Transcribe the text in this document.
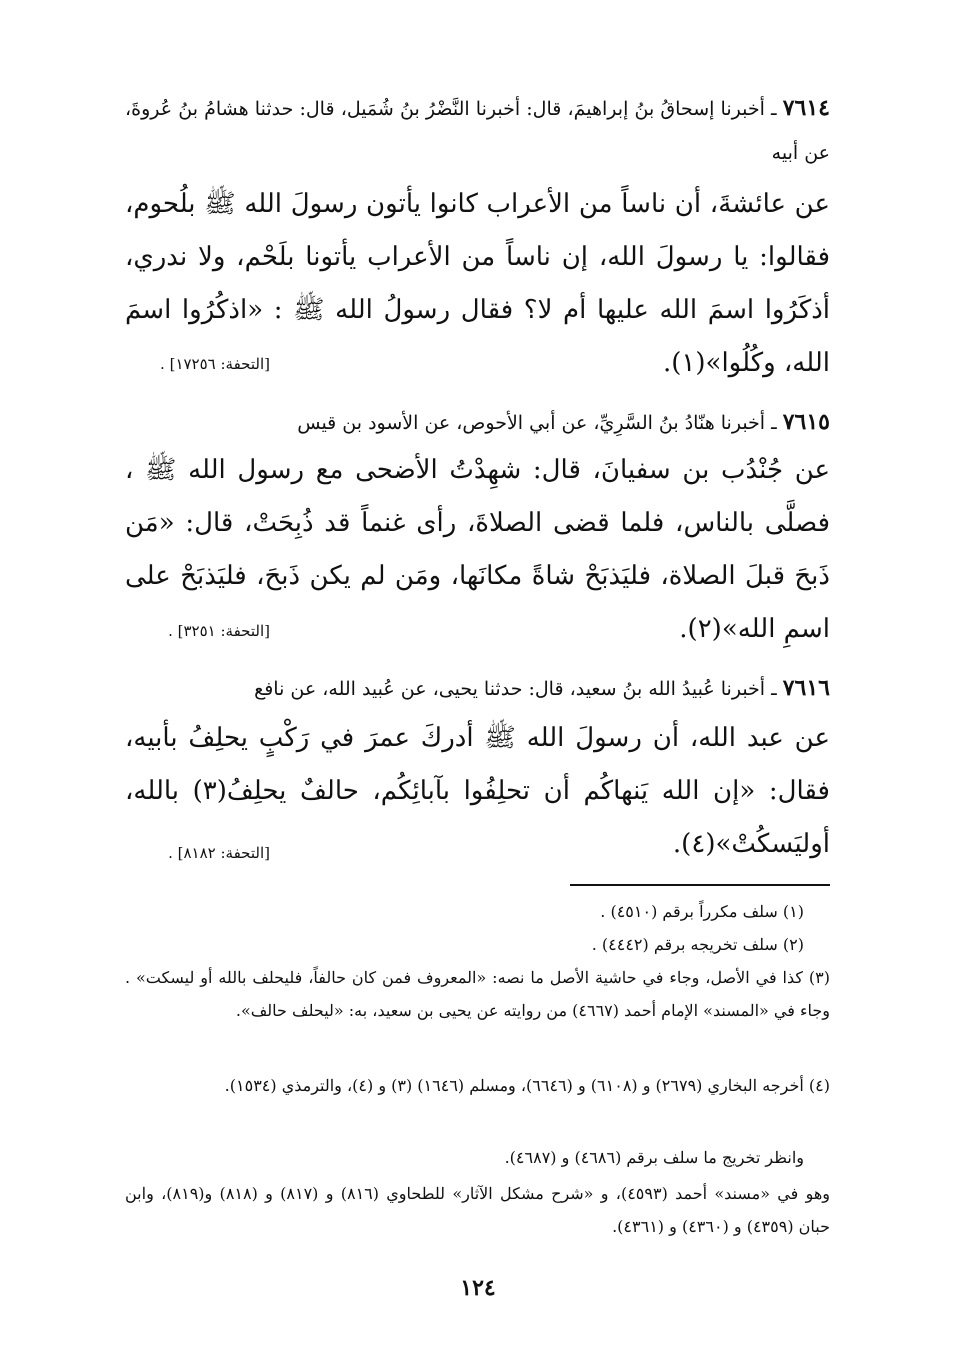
٧٦١٤ ـ أخبرنا إسحاقُ بنُ إبراهيمَ، قال: أخبرنا النَّضْرُ بنُ شُمَيل، قال: حدثنا هشامُ بنُ عُروةَ، عن أبيه
عن عائشةَ، أن ناساً من الأعراب كانوا يأتون رسولَ الله ﷺ بلُحوم، فقالوا: يا رسولَ الله، إن ناساً من الأعراب يأتونا بلَحْم، ولا ندري، أذكَرُوا اسمَ الله عليها أم لا؟ فقال رسولُ الله ﷺ : «اذكُرُوا اسمَ الله، وكُلُوا»(١).
[التحفة: ١٧٢٥٦] .
٧٦١٥ ـ أخبرنا هنّادُ بنُ السَّرِيِّ، عن أبي الأحوص، عن الأسود بن قيس
عن جُنْدُب بن سفيانَ، قال: شهِدْتُ الأضحى مع رسول الله ﷺ ، فصلَّى بالناس، فلما قضى الصلاةَ، رأى غنماً قد ذُبِحَتْ، قال: «مَن ذَبحَ قبلَ الصلاة، فليَذبَحْ شاةً مكانَها، ومَن لم يكن ذَبحَ، فليَذبَحْ على اسمِ الله»(٢).
[التحفة: ٣٢٥١] .
٧٦١٦ ـ أخبرنا عُبيدُ الله بنُ سعيد، قال: حدثنا يحيى، عن عُبيد الله، عن نافع
عن عبد الله، أن رسولَ الله ﷺ أدركَ عمرَ في رَكْبٍ يحلِفُ بأبيه، فقال: «إن الله يَنهاكُم أن تحلِفُوا بآبائِكُم، حالفٌ يحلِفُ(٣) بالله، أوليَسكُتْ»(٤).
[التحفة: ٨١٨٢] .
(١) سلف مكرراً برقم (٤٥١٠) .
(٢) سلف تخريجه برقم (٤٤٤٢) .
(٣) كذا في الأصل، وجاء في حاشية الأصل ما نصه: «المعروف فمن كان حالفاً، فليحلف بالله أو ليسكت» . وجاء في «المسند» الإمام أحمد (٤٦٦٧) من روايته عن يحيى بن سعيد، به: «ليحلف حالف».
(٤) أخرجه البخاري (٢٦٧٩) و (٦١٠٨) و (٦٦٤٦)، ومسلم (١٦٤٦) (٣) و (٤)، والترمذي (١٥٣٤).
وانظر تخريج ما سلف برقم (٤٦٨٦) و (٤٦٨٧).
وهو في «مسند» أحمد (٤٥٩٣)، و «شرح مشكل الآثار» للطحاوي (٨١٦) و (٨١٧) و (٨١٨) و(٨١٩)، وابن حبان (٤٣٥٩) و (٤٣٦٠) و (٤٣٦١).
١٢٤
